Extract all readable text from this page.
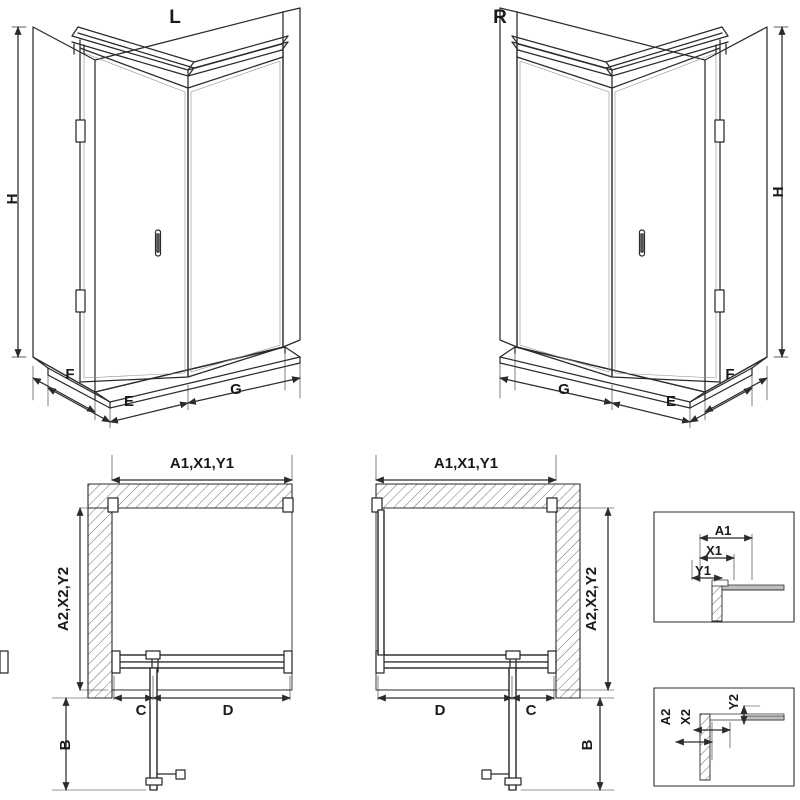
L	R
H
F
E
G
H
F
E
G
A1,X1,Y1
A2,X2,Y2
C	D
B
A1,X1,Y1
A2,X2,Y2
D	C
B
A1
X1
Y1
A2 X2
Y2
